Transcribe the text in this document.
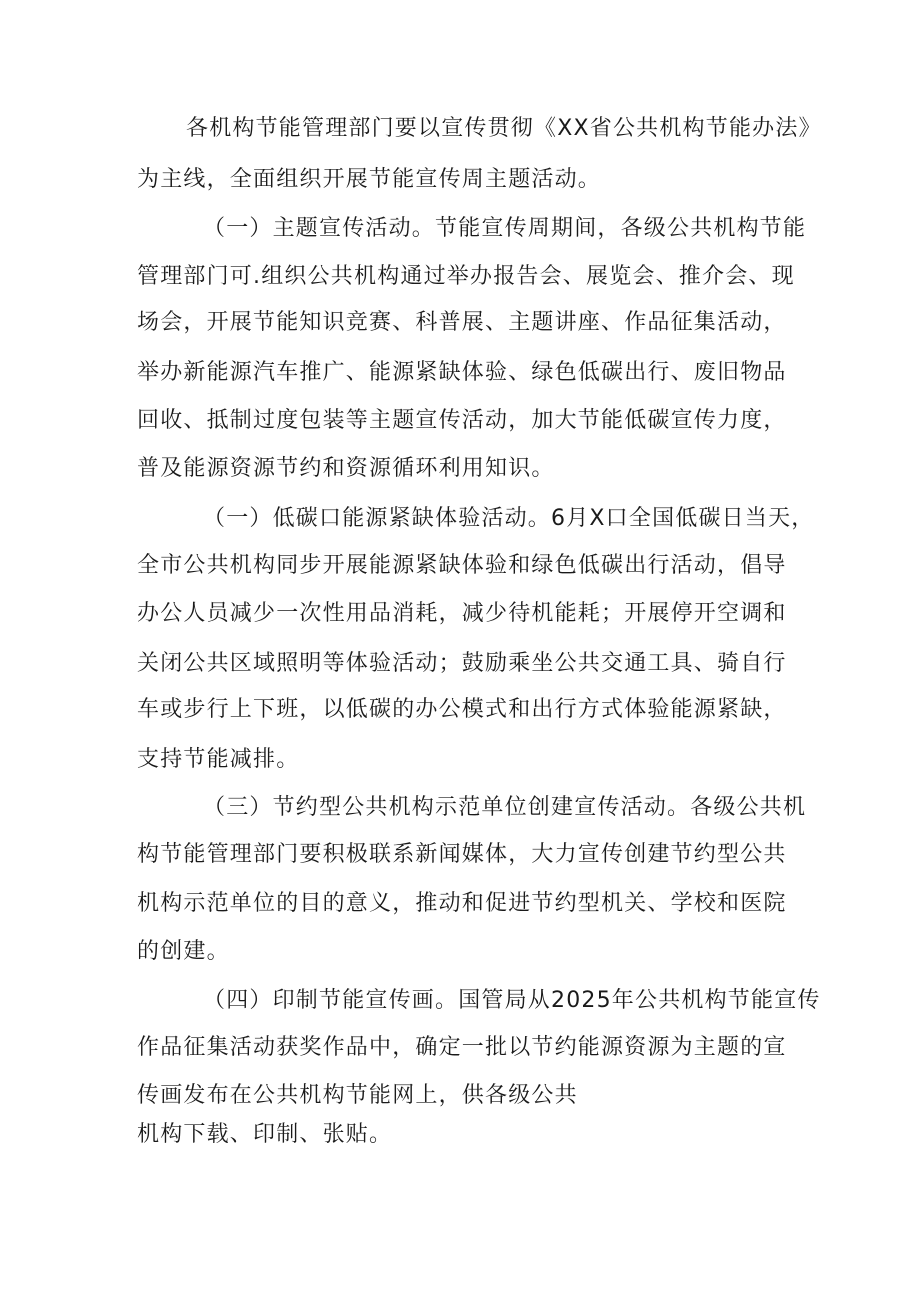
各机构节能管理部门要以宣传贯彻《XX省公共机构节能办法》
为主线，全面组织开展节能宣传周主题活动。
（一）主题宣传活动。节能宣传周期间，各级公共机构节能
管理部门可.组织公共机构通过举办报告会、展览会、推介会、现
场会，开展节能知识竞赛、科普展、主题讲座、作品征集活动，
举办新能源汽车推广、能源紧缺体验、绿色低碳出行、废旧物品
回收、抵制过度包装等主题宣传活动，加大节能低碳宣传力度，
普及能源资源节约和资源循环利用知识。
（一）低碳口能源紧缺体验活动。6月X口全国低碳日当天，
全市公共机构同步开展能源紧缺体验和绿色低碳出行活动，倡导
办公人员减少一次性用品消耗，减少待机能耗；开展停开空调和
关闭公共区域照明等体验活动；鼓励乘坐公共交通工具、骑自行
车或步行上下班，以低碳的办公模式和出行方式体验能源紧缺，
支持节能减排。
（三）节约型公共机构示范单位创建宣传活动。各级公共机
构节能管理部门要积极联系新闻媒体，大力宣传创建节约型公共
机构示范单位的目的意义，推动和促进节约型机关、学校和医院
的创建。
（四）印制节能宣传画。国管局从2025年公共机构节能宣传
作品征集活动获奖作品中，确定一批以节约能源资源为主题的宣
传画发布在公共机构节能网上，供各级公共
机构下载、印制、张贴。
